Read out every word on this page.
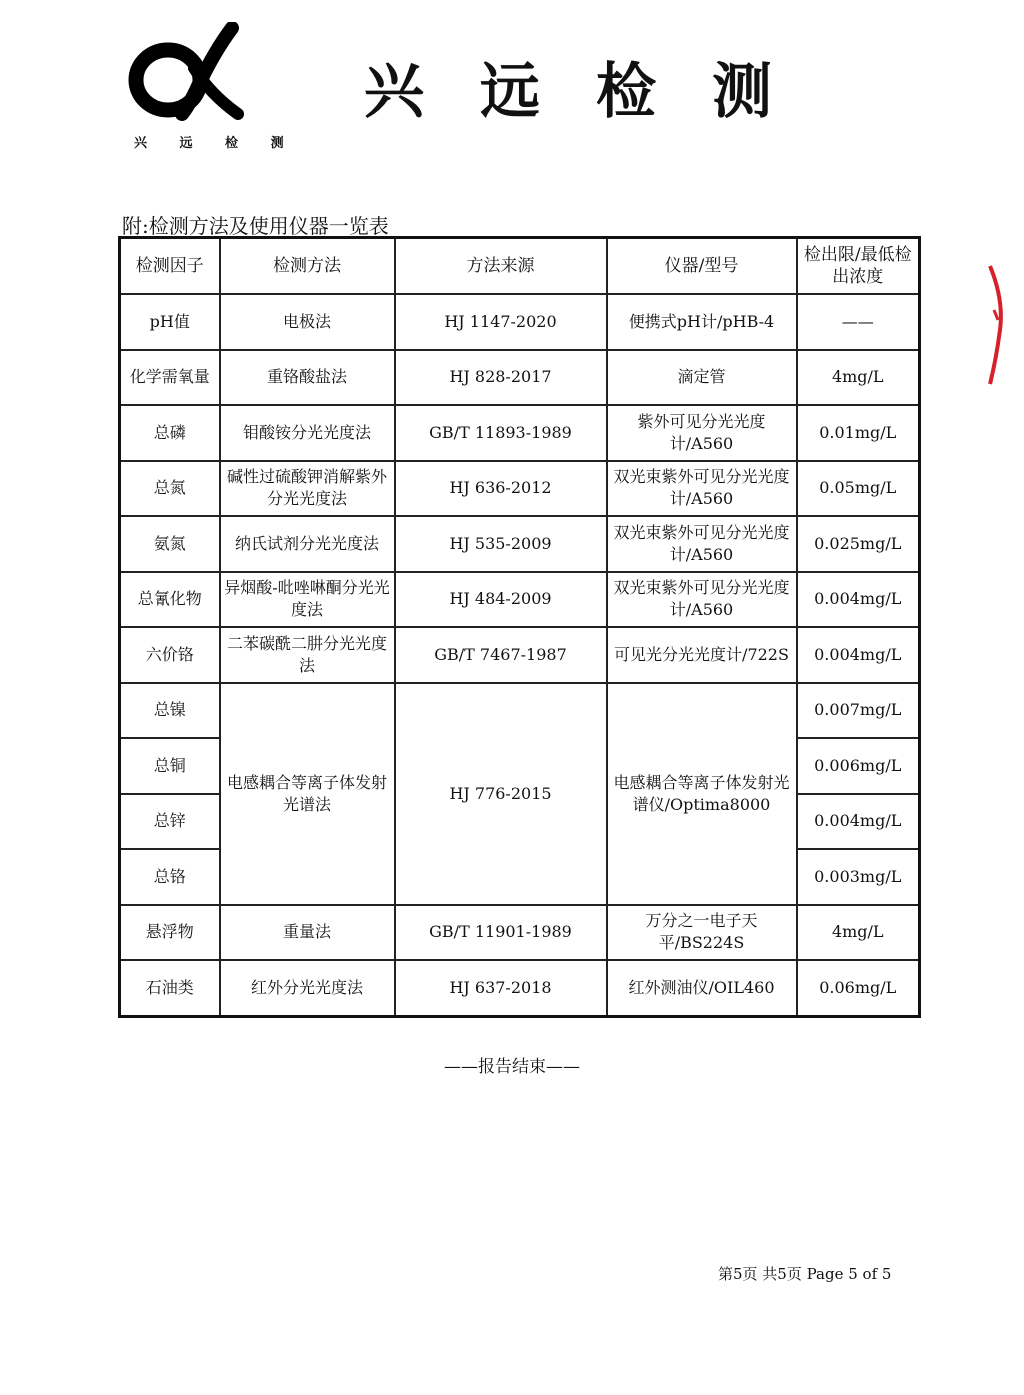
兴 远 检 测
兴远检测
附:检测方法及使用仪器一览表
检测因子	检测方法	方法来源	仪器/型号	检出限/最低检出浓度
pH值	电极法	HJ 1147-2020	便携式pH计/pHB-4	——
化学需氧量	重铬酸盐法	HJ 828-2017	滴定管	4mg/L
总磷	钼酸铵分光光度法	GB/T 11893-1989	紫外可见分光光度计/A560	0.01mg/L
总氮	碱性过硫酸钾消解紫外分光光度法	HJ 636-2012	双光束紫外可见分光光度计/A560	0.05mg/L
氨氮	纳氏试剂分光光度法	HJ 535-2009	双光束紫外可见分光光度计/A560	0.025mg/L
总氰化物	异烟酸-吡唑啉酮分光光度法	HJ 484-2009	双光束紫外可见分光光度计/A560	0.004mg/L
六价铬	二苯碳酰二肼分光光度法	GB/T 7467-1987	可见光分光光度计/722S	0.004mg/L
总镍	电感耦合等离子体发射光谱法	HJ 776-2015	电感耦合等离子体发射光谱仪/Optima8000	0.007mg/L
总铜				0.006mg/L
总锌				0.004mg/L
总铬				0.003mg/L
悬浮物	重量法	GB/T 11901-1989	万分之一电子天平/BS224S	4mg/L
石油类	红外分光光度法	HJ 637-2018	红外测油仪/OIL460	0.06mg/L
——报告结束——
第5页 共5页 Page 5 of 5
